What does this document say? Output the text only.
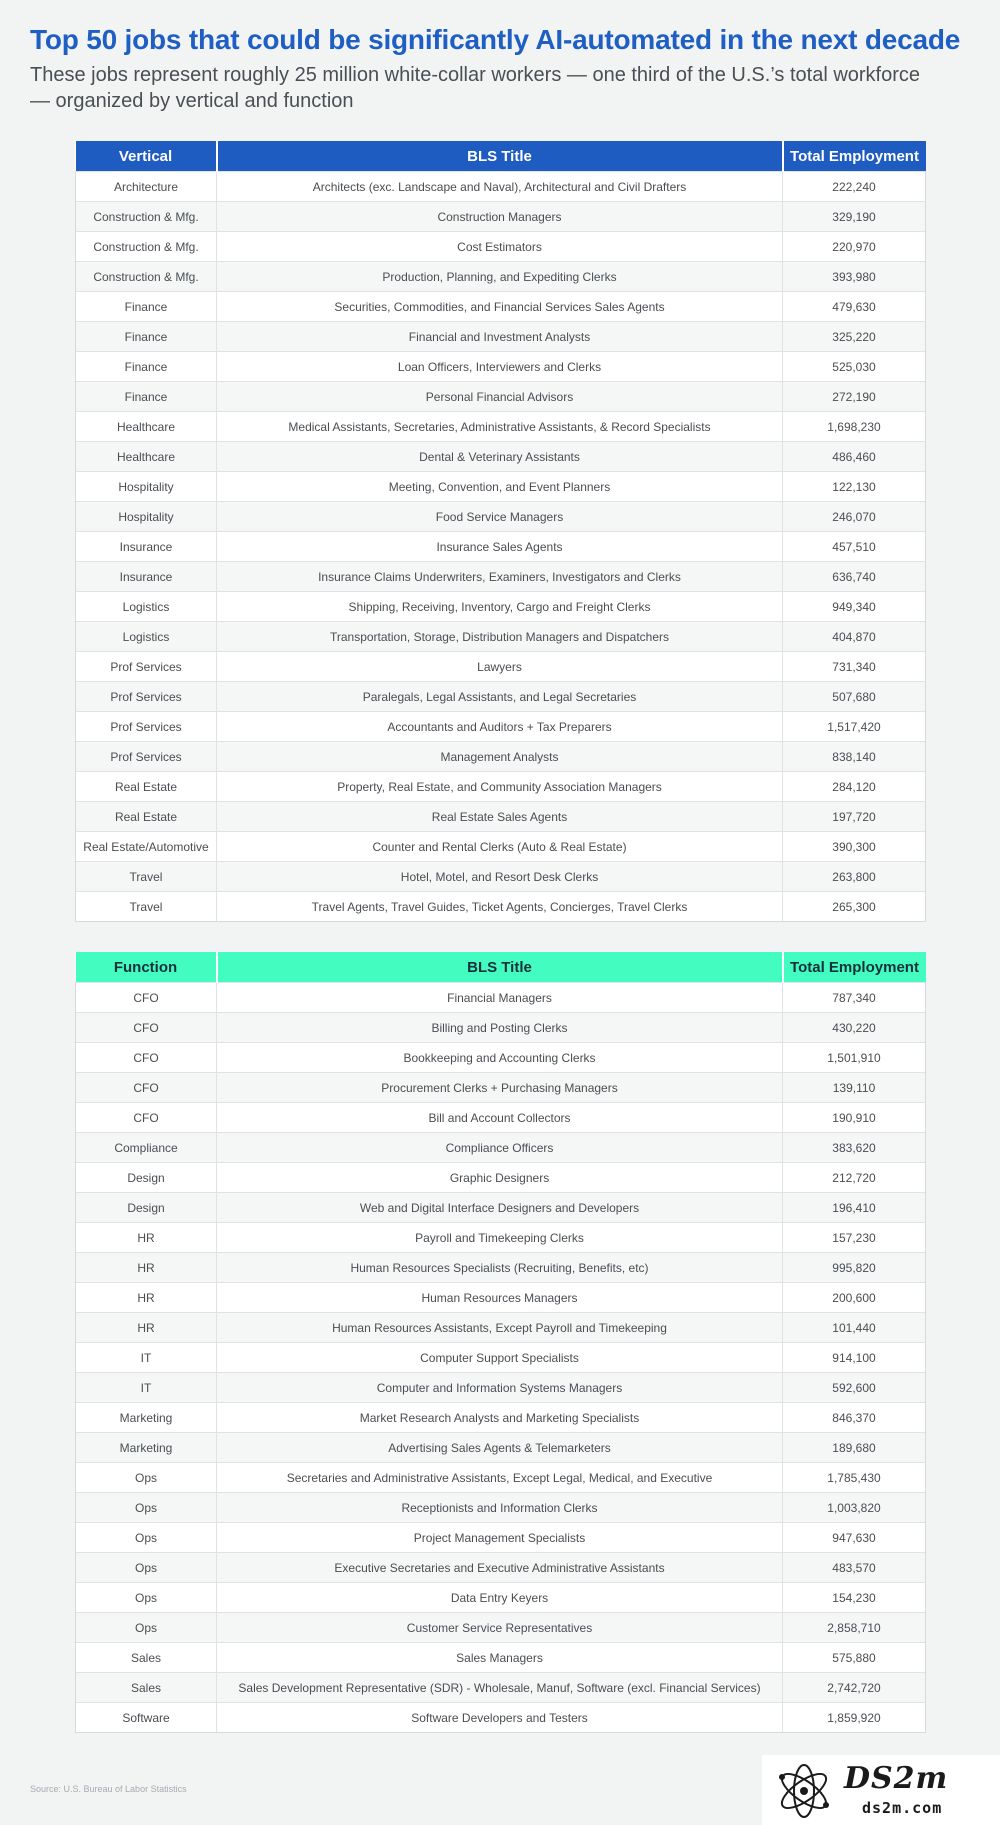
Top 50 jobs that could be significantly AI-automated in the next decade
These jobs represent roughly 25 million white-collar workers — one third of the U.S.’s total workforce — organized by vertical and function
Vertical	BLS Title	Total Employment
Architecture	Architects (exc. Landscape and Naval), Architectural and Civil Drafters	222,240
Construction & Mfg.	Construction Managers	329,190
Construction & Mfg.	Cost Estimators	220,970
Construction & Mfg.	Production, Planning, and Expediting Clerks	393,980
Finance	Securities, Commodities, and Financial Services Sales Agents	479,630
Finance	Financial and Investment Analysts	325,220
Finance	Loan Officers, Interviewers and Clerks	525,030
Finance	Personal Financial Advisors	272,190
Healthcare	Medical Assistants, Secretaries, Administrative Assistants, & Record Specialists	1,698,230
Healthcare	Dental & Veterinary Assistants	486,460
Hospitality	Meeting, Convention, and Event Planners	122,130
Hospitality	Food Service Managers	246,070
Insurance	Insurance Sales Agents	457,510
Insurance	Insurance Claims Underwriters, Examiners, Investigators and Clerks	636,740
Logistics	Shipping, Receiving, Inventory, Cargo and Freight Clerks	949,340
Logistics	Transportation, Storage, Distribution Managers and Dispatchers	404,870
Prof Services	Lawyers	731,340
Prof Services	Paralegals, Legal Assistants, and Legal Secretaries	507,680
Prof Services	Accountants and Auditors + Tax Preparers	1,517,420
Prof Services	Management Analysts	838,140
Real Estate	Property, Real Estate, and Community Association Managers	284,120
Real Estate	Real Estate Sales Agents	197,720
Real Estate/Automotive	Counter and Rental Clerks (Auto & Real Estate)	390,300
Travel	Hotel, Motel, and Resort Desk Clerks	263,800
Travel	Travel Agents, Travel Guides, Ticket Agents, Concierges, Travel Clerks	265,300
Function	BLS Title	Total Employment
CFO	Financial Managers	787,340
CFO	Billing and Posting Clerks	430,220
CFO	Bookkeeping and Accounting Clerks	1,501,910
CFO	Procurement Clerks + Purchasing Managers	139,110
CFO	Bill and Account Collectors	190,910
Compliance	Compliance Officers	383,620
Design	Graphic Designers	212,720
Design	Web and Digital Interface Designers and Developers	196,410
HR	Payroll and Timekeeping Clerks	157,230
HR	Human Resources Specialists (Recruiting, Benefits, etc)	995,820
HR	Human Resources Managers	200,600
HR	Human Resources Assistants, Except Payroll and Timekeeping	101,440
IT	Computer Support Specialists	914,100
IT	Computer and Information Systems Managers	592,600
Marketing	Market Research Analysts and Marketing Specialists	846,370
Marketing	Advertising Sales Agents & Telemarketers	189,680
Ops	Secretaries and Administrative Assistants, Except Legal, Medical, and Executive	1,785,430
Ops	Receptionists and Information Clerks	1,003,820
Ops	Project Management Specialists	947,630
Ops	Executive Secretaries and Executive Administrative Assistants	483,570
Ops	Data Entry Keyers	154,230
Ops	Customer Service Representatives	2,858,710
Sales	Sales Managers	575,880
Sales	Sales Development Representative (SDR) - Wholesale, Manuf, Software (excl. Financial Services)	2,742,720
Software	Software Developers and Testers	1,859,920
Source: U.S. Bureau of Labor Statistics	DS2m
ds2m.com
